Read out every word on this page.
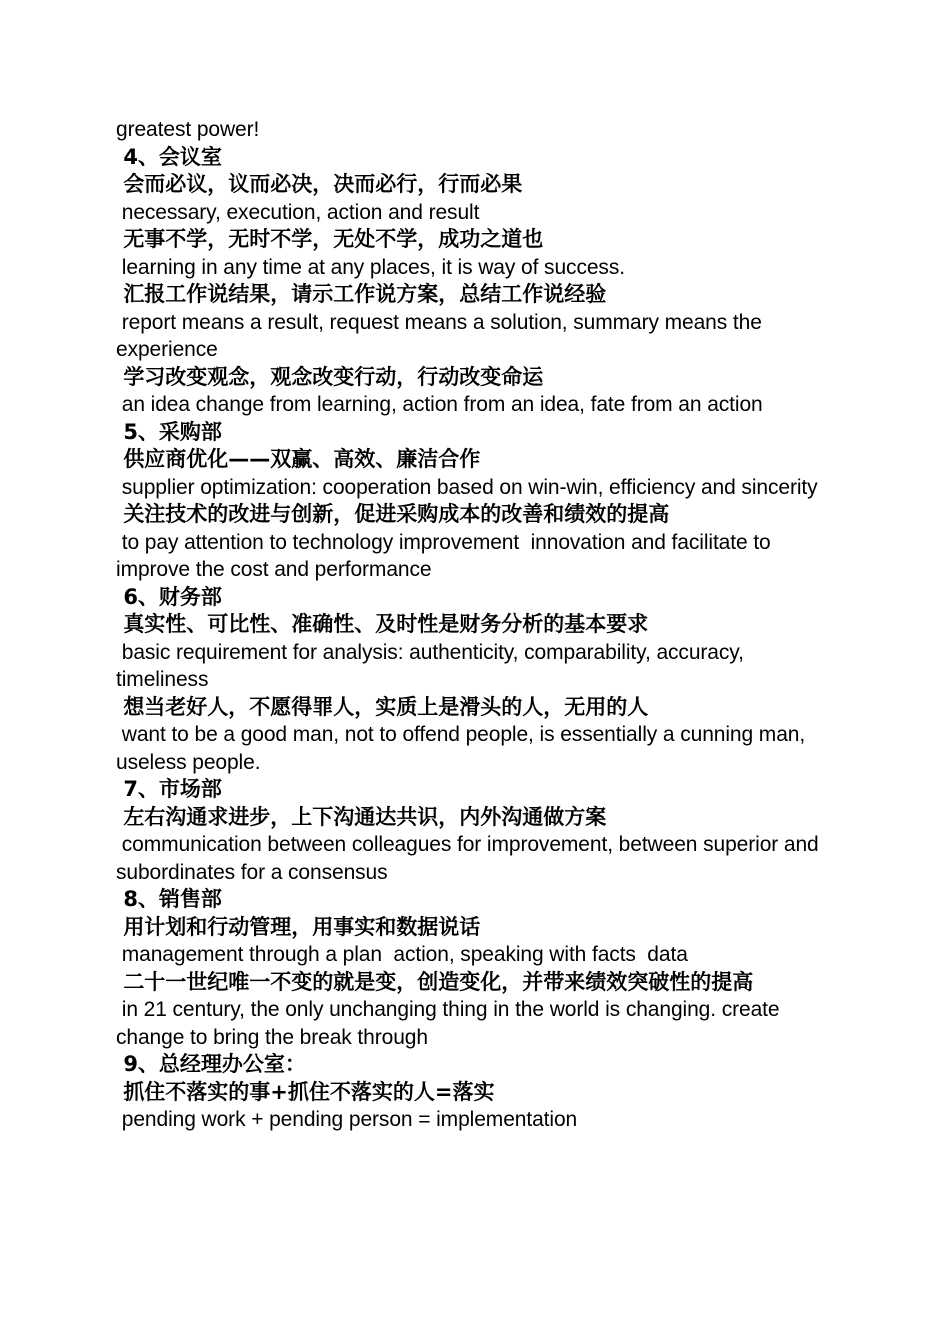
greatest power!
4、会议室
会而必议，议而必决，决而必行，行而必果
necessary, execution, action and result
无事不学，无时不学，无处不学，成功之道也
learning in any time at any places, it is way of success.
汇报工作说结果，请示工作说方案，总结工作说经验
report means a result, request means a solution, summary means the experience
学习改变观念，观念改变行动，行动改变命运
an idea change from learning, action from an idea, fate from an action
5、采购部
供应商优化——双赢、高效、廉洁合作
supplier optimization: cooperation based on win-win, efficiency and sincerity
关注技术的改进与创新，促进采购成本的改善和绩效的提高
to pay attention to technology improvement  innovation and facilitate to improve the cost and performance
6、财务部
真实性、可比性、准确性、及时性是财务分析的基本要求
basic requirement for analysis: authenticity, comparability, accuracy, timeliness
想当老好人，不愿得罪人，实质上是滑头的人，无用的人
want to be a good man, not to offend people, is essentially a cunning man, useless people.
7、市场部
左右沟通求进步，上下沟通达共识，内外沟通做方案
communication between colleagues for improvement, between superior and subordinates for a consensus
8、销售部
用计划和行动管理，用事实和数据说话
management through a plan  action, speaking with facts  data
二十一世纪唯一不变的就是变，创造变化，并带来绩效突破性的提高
in 21 century, the only unchanging thing in the world is changing. create change to bring the break through
9、总经理办公室：
抓住不落实的事+抓住不落实的人=落实
pending work + pending person = implementation
